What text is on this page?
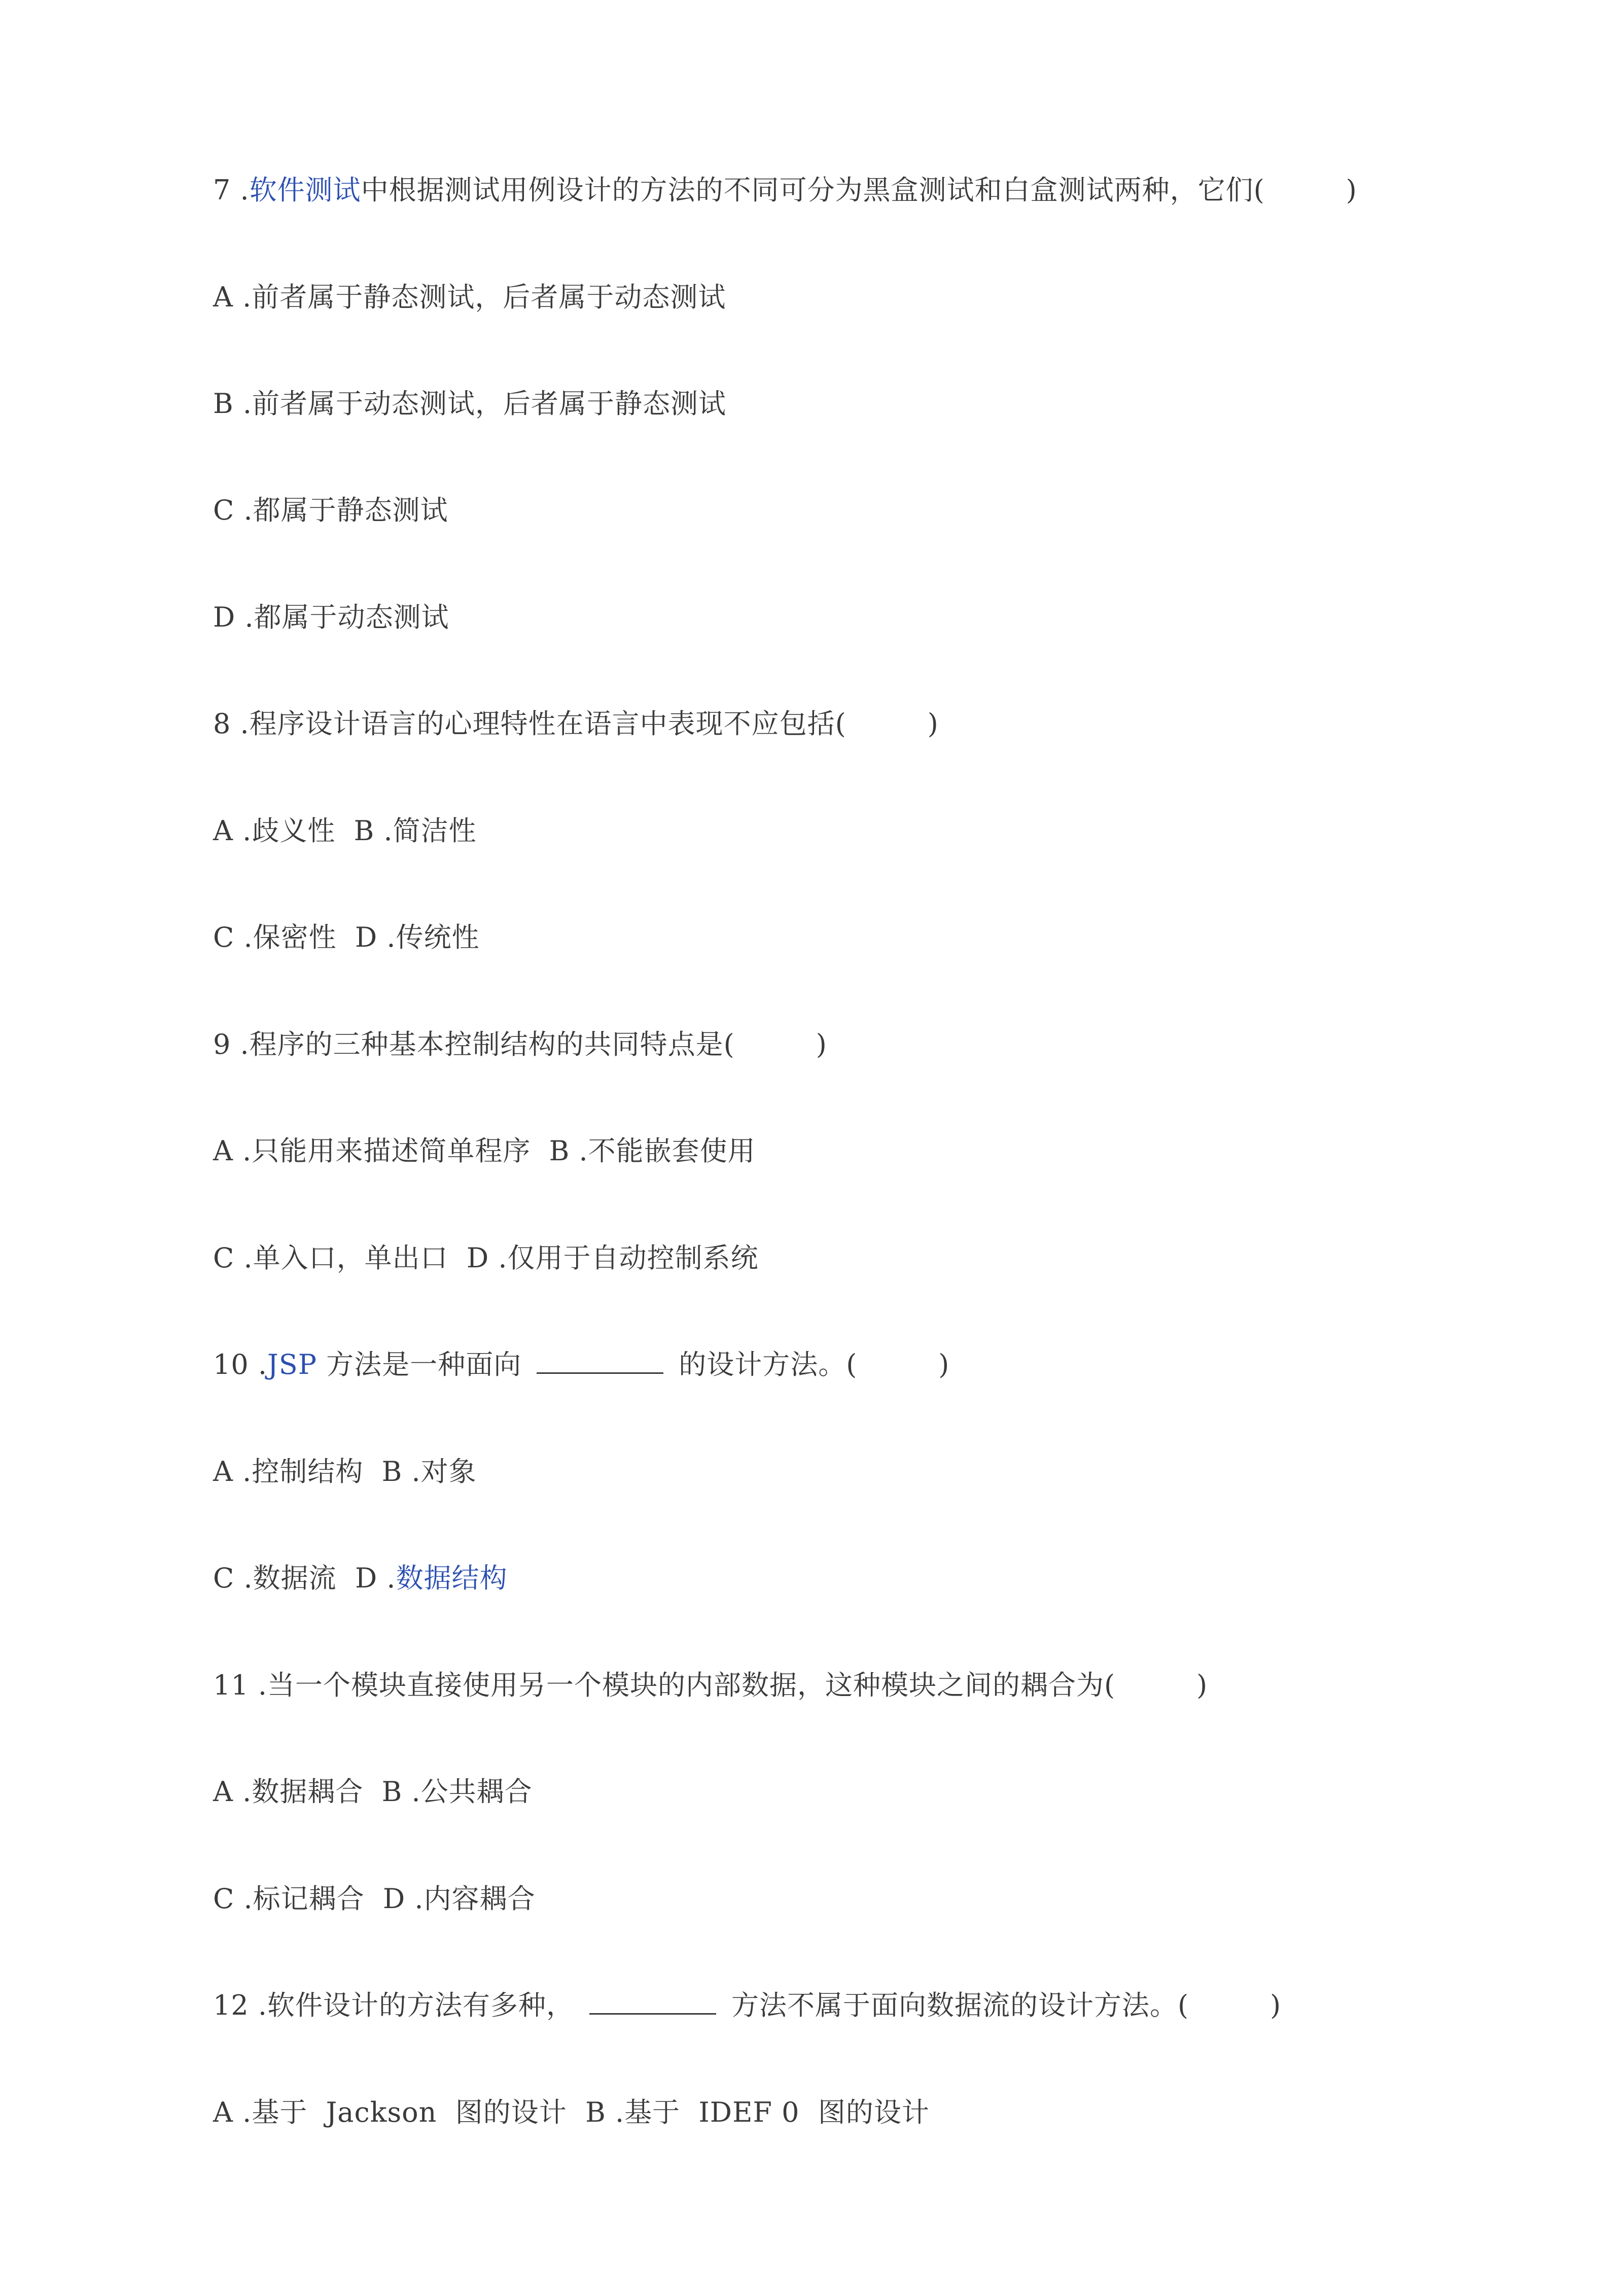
7 .软件测试中根据测试用例设计的方法的不同可分为黑盒测试和白盒测试两种，它们(	)
A .前者属于静态测试，后者属于动态测试
B .前者属于动态测试，后者属于静态测试
C .都属于静态测试
D .都属于动态测试
8 .程序设计语言的心理特性在语言中表现不应包括(	)
A .歧义性  B .简洁性
C .保密性  D .传统性
9 .程序的三种基本控制结构的共同特点是(	)
A .只能用来描述简单程序  B .不能嵌套使用
C .单入口，单出口  D .仅用于自动控制系统
10 .JSP 方法是一种面向	的设计方法。(	)
A .控制结构  B .对象
C .数据流  D .数据结构
11 .当一个模块直接使用另一个模块的内部数据，这种模块之间的耦合为(	)
A .数据耦合  B .公共耦合
C .标记耦合  D .内容耦合
12 .软件设计的方法有多种，	方法不属于面向数据流的设计方法。(	)
A .基于  Jackson  图的设计  B .基于  IDEF 0  图的设计
